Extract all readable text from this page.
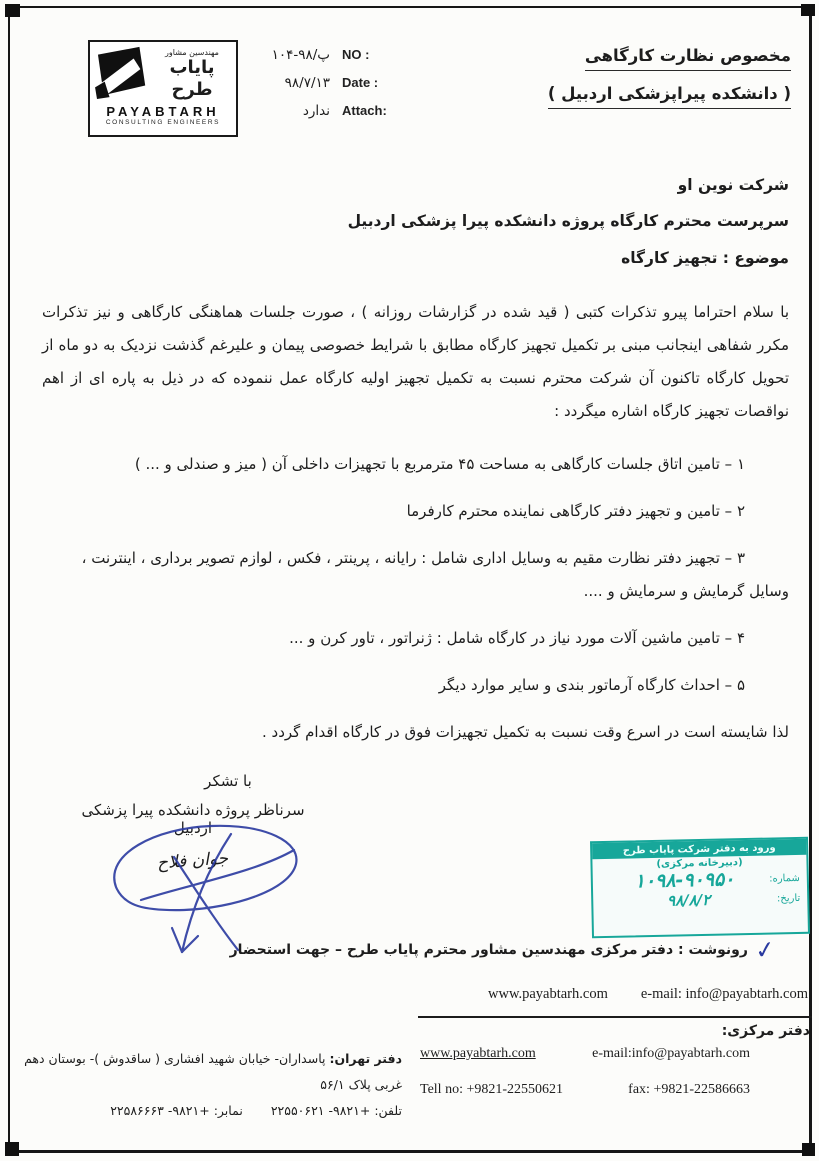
مهندسین مشاور
پایاب طرح
PAYABTARH
CONSULTING ENGINEERS
۱۰۴-۹۸/پ NO :
۹۸/۷/۱۳ Date :
ندارد Attach:
مخصوص نظارت کارگاهی
( دانشکده پیراپزشکی اردبیل )
شرکت نوین او
سرپرست محترم کارگاه پروژه دانشکده پیرا پزشکی اردبیل
موضوع : تجهیز کارگاه
با سلام احتراما پیرو تذکرات کتبی ( قید شده در گزارشات روزانه ) ، صورت جلسات هماهنگی کارگاهی و نیز تذکرات مکرر شفاهی اینجانب مبنی بر تکمیل تجهیز کارگاه مطابق با شرایط خصوصی پیمان و علیرغم گذشت نزدیک به دو ماه از تحویل کارگاه تاکنون آن شرکت محترم نسبت به تکمیل تجهیز اولیه کارگاه عمل ننموده که در ذیل به پاره ای از اهم نواقصات تجهیز کارگاه اشاره میگردد :
۱ – تامین اتاق جلسات کارگاهی به مساحت ۴۵ مترمربع با تجهیزات داخلی آن ( میز و صندلی و ... )
۲ – تامین و تجهیز دفتر کارگاهی نماینده محترم کارفرما
۳ – تجهیز دفتر نظارت مقیم به وسایل اداری شامل : رایانه ، پرینتر ، فکس ، لوازم تصویر برداری ، اینترنت ، وسایل گرمایش و سرمایش و ....
۴ – تامین ماشین آلات مورد نیاز در کارگاه شامل : ژنراتور ، تاور کرن و ...
۵ – احداث کارگاه آرماتور بندی و سایر موارد دیگر
لذا شایسته است در اسرع وقت نسبت به تکمیل تجهیزات فوق در کارگاه اقدام گردد .
با تشکر
سرناظر پروژه دانشکده پیرا پزشکی اردبیل
جوان فلاح	ورود به دفتر شرکت پایاب طرح
(دبیرخانه مرکزی)
شماره:
۱۰۹۸-۹۰۹۵۰
تاریخ:
۹۸/۸/۲
✓
رونوشت : دفتر مرکزی مهندسین مشاور محترم پایاب طرح – جهت استحضار
www.payabtarh.com e-mail: info@payabtarh.com
دفتر مرکزی:
www.payabtarh.com	e-mail:info@payabtarh.com
Tell no: +9821-22550621	fax: +9821-22586663
دفتر تهران: پاسداران- خیابان شهید افشاری ( ساقدوش )- بوستان دهم غربی پلاک ۵۶/۱
تلفن: ۲۲۵۵۰۶۲۱ -۹۸۲۱+
نمابر: ۲۲۵۸۶۶۶۳ -۹۸۲۱+
